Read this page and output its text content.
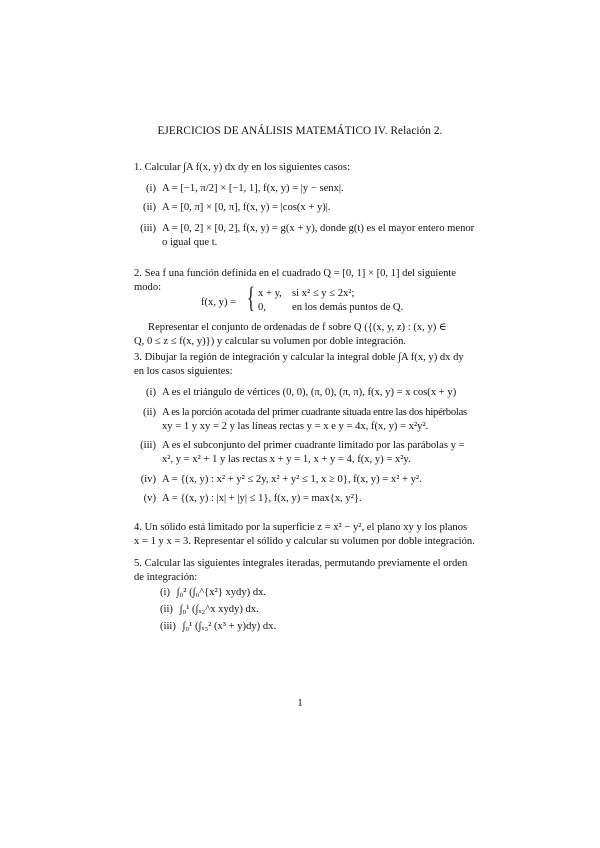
EJERCICIOS DE ANÁLISIS MATEMÁTICO IV. Relación 2.
1. Calcular ∫A f(x, y) dx dy en los siguientes casos:
(i) A = [−1, π/2] × [−1, 1], f(x, y) = |y − senx|.
(ii) A = [0, π] × [0, π], f(x, y) = |cos(x + y)|.
(iii) A = [0, 2] × [0, 2], f(x, y) = g(x + y), donde g(t) es el mayor entero menor
o igual que t.
2. Sea f una función definida en el cuadrado Q = [0, 1] × [0, 1] del siguiente
modo:
f(x, y) = { x + y, si x² ≤ y ≤ 2x²;
0, en los demás puntos de Q.
Representar el conjunto de ordenadas de f sobre Q ({(x, y, z) : (x, y) ∈
Q, 0 ≤ z ≤ f(x, y)}) y calcular su volumen por doble integración.
3. Dibujar la región de integración y calcular la integral doble ∫A f(x, y) dx dy
en los casos siguientes:
(i) A es el triángulo de vértices (0, 0), (π, 0), (π, π), f(x, y) = x cos(x + y)
(ii) A es la porción acotada del primer cuadrante situada entre las dos hipérbolas
xy = 1 y xy = 2 y las líneas rectas y = x e y = 4x, f(x, y) = x²y².
(iii) A es el subconjunto del primer cuadrante limitado por las parábolas y =
x², y = x² + 1 y las rectas x + y = 1, x + y = 4, f(x, y) = x²y.
(iv) A = {(x, y) : x² + y² ≤ 2y, x² + y² ≤ 1, x ≥ 0}, f(x, y) = x² + y².
(v) A = {(x, y) : |x| + |y| ≤ 1}, f(x, y) = max{x, y²}.
4. Un sólido está limitado por la superficie z = x² − y², el plano xy y los planos
x = 1 y x = 3. Representar el sólido y calcular su volumen por doble integración.
5. Calcular las siguientes integrales iteradas, permutando previamente el orden
de integración:
(i) ∫₀² (∫₀^{x²} xydy) dx.
(ii) ∫₀¹ (∫ₓ₂^x xydy) dx.
(iii) ∫₀¹ (∫ₓ₃² (x³ + y)dy) dx.
1
